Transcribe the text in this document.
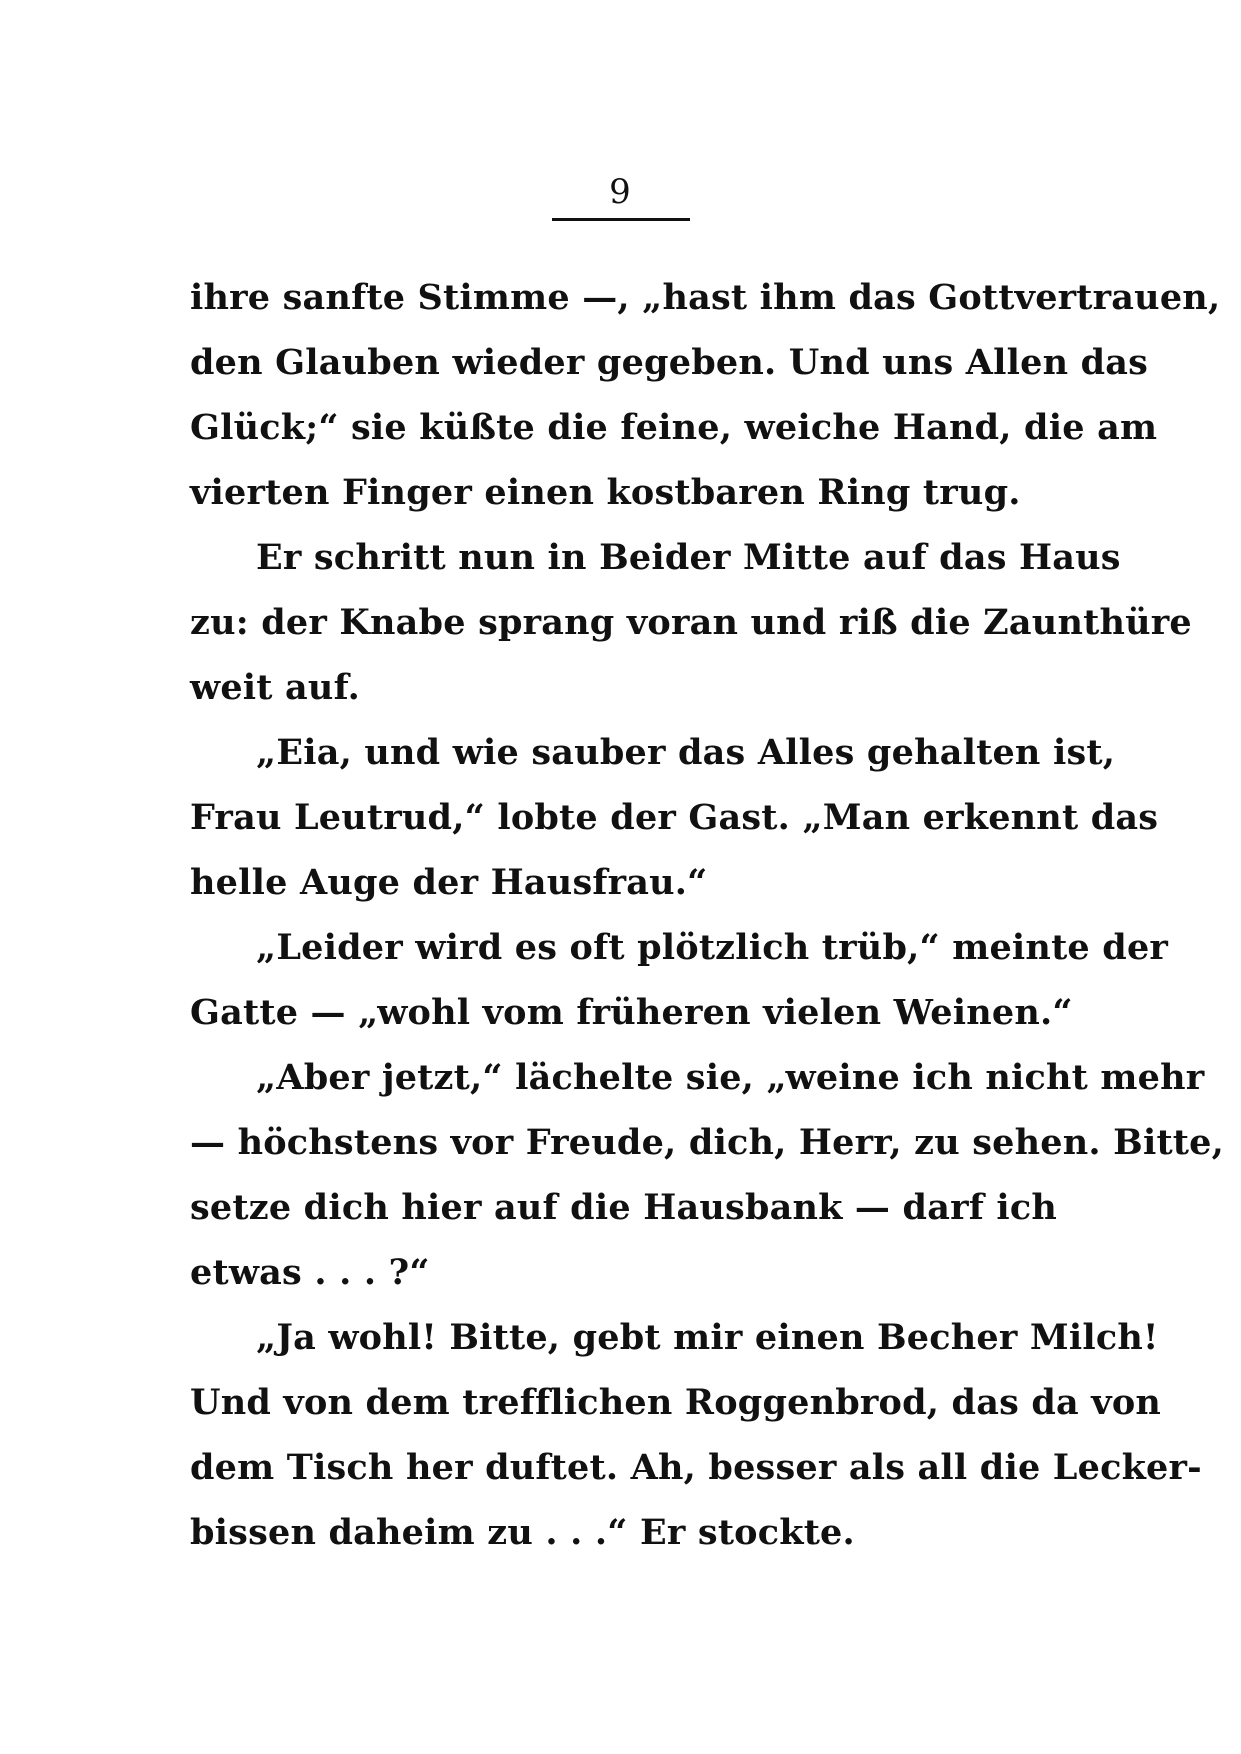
9
ihre sanfte Stimme —, „hast ihm das Gottvertrauen,
den Glauben wieder gegeben. Und uns Allen das
Glück;“ sie küßte die feine, weiche Hand, die am
vierten Finger einen kostbaren Ring trug.
Er schritt nun in Beider Mitte auf das Haus
zu: der Knabe sprang voran und riß die Zaunthüre
weit auf.
„Eia, und wie sauber das Alles gehalten ist,
Frau Leutrud,“ lobte der Gast. „Man erkennt das
helle Auge der Hausfrau.“
„Leider wird es oft plötzlich trüb,“ meinte der
Gatte — „wohl vom früheren vielen Weinen.“
„Aber jetzt,“ lächelte sie, „weine ich nicht mehr
— höchstens vor Freude, dich, Herr, zu sehen. Bitte,
setze dich hier auf die Hausbank — darf ich
etwas . . . ?“
„Ja wohl! Bitte, gebt mir einen Becher Milch!
Und von dem trefflichen Roggenbrod, das da von
dem Tisch her duftet. Ah, besser als all die Lecker-
bissen daheim zu . . .“ Er stockte.
